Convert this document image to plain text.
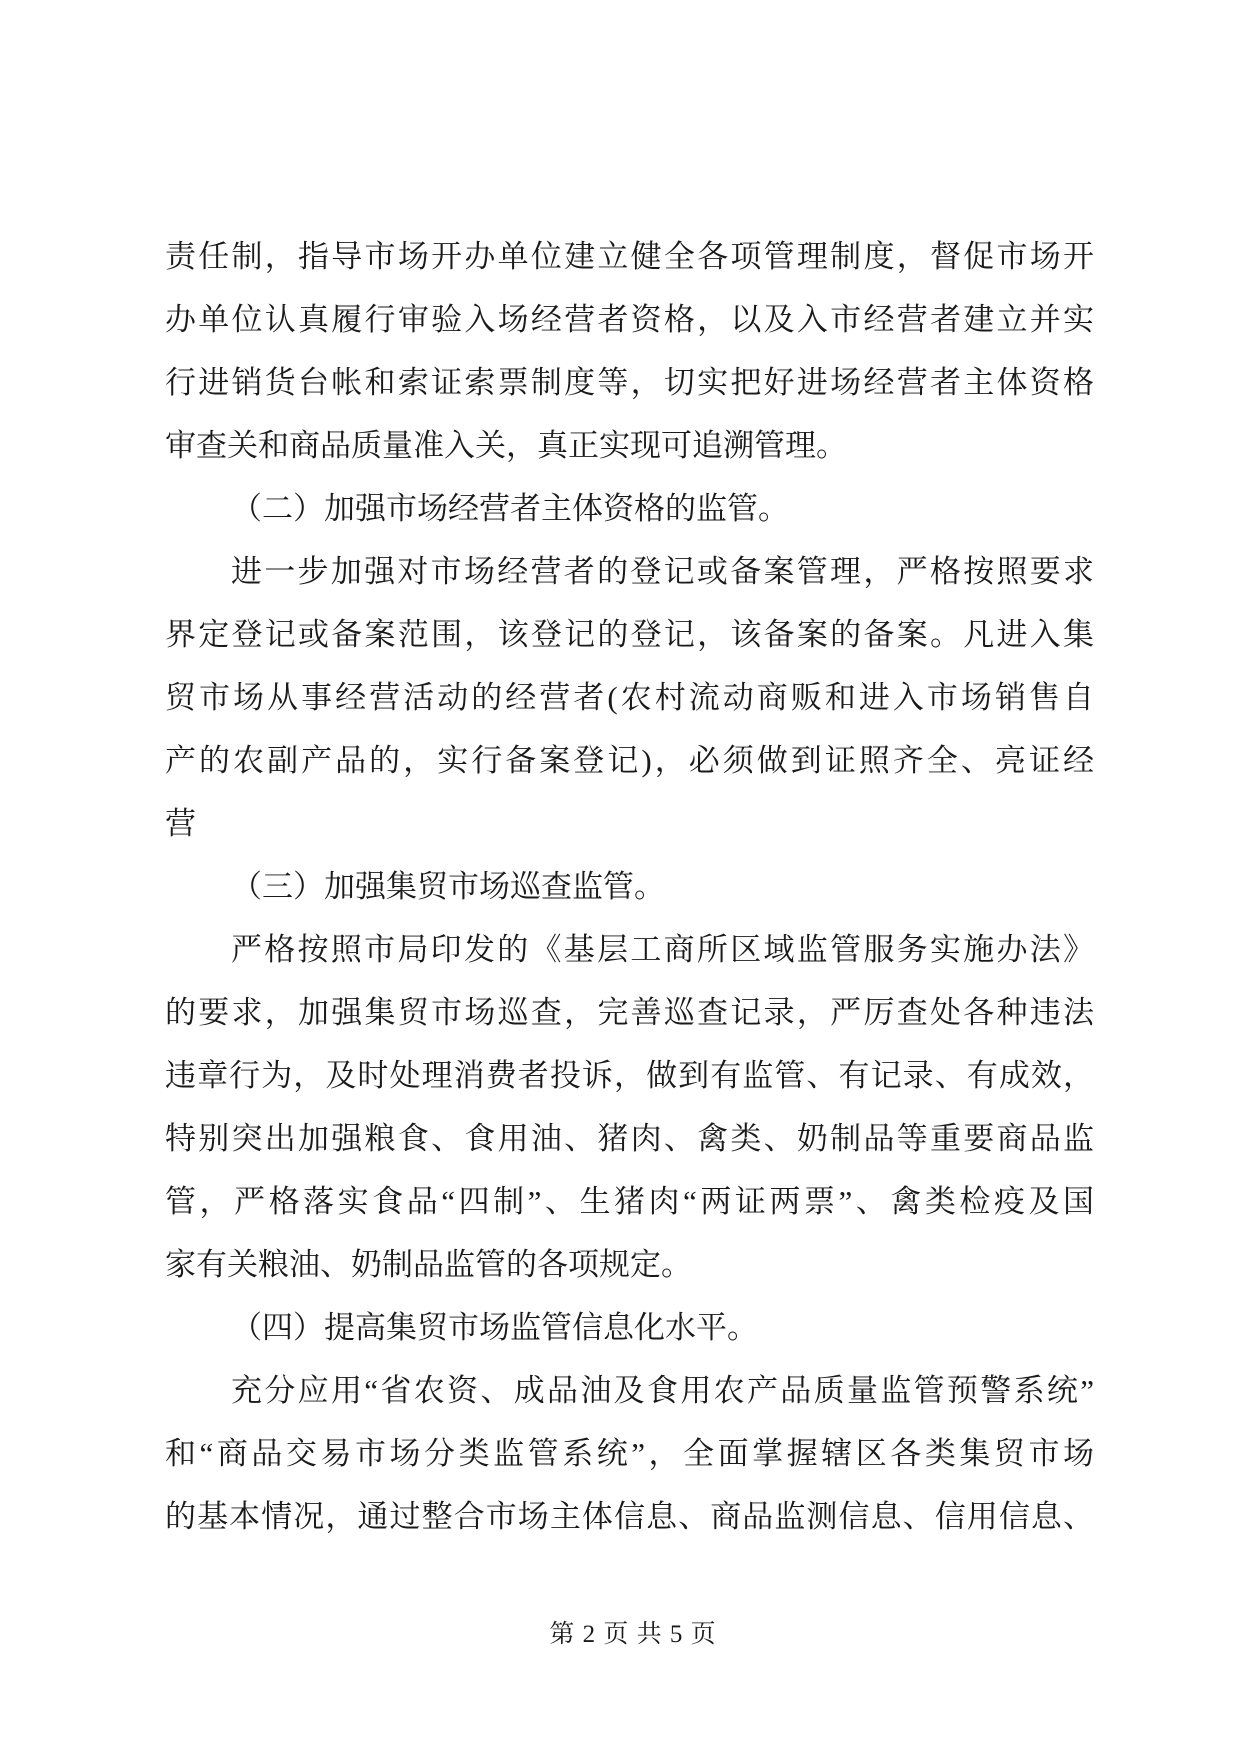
责任制，指导市场开办单位建立健全各项管理制度，督促市场开
办单位认真履行审验入场经营者资格，以及入市经营者建立并实
行进销货台帐和索证索票制度等，切实把好进场经营者主体资格
审查关和商品质量准入关，真正实现可追溯管理。
（二）加强市场经营者主体资格的监管。
进一步加强对市场经营者的登记或备案管理，严格按照要求
界定登记或备案范围，该登记的登记，该备案的备案。凡进入集
贸市场从事经营活动的经营者(农村流动商贩和进入市场销售自
产的农副产品的，实行备案登记)，必须做到证照齐全、亮证经
营
（三）加强集贸市场巡查监管。
严格按照市局印发的《基层工商所区域监管服务实施办法》
的要求，加强集贸市场巡查，完善巡查记录，严厉查处各种违法
违章行为，及时处理消费者投诉，做到有监管、有记录、有成效，
特别突出加强粮食、食用油、猪肉、禽类、奶制品等重要商品监
管，严格落实食品“四制”、生猪肉“两证两票”、禽类检疫及国
家有关粮油、奶制品监管的各项规定。
（四）提高集贸市场监管信息化水平。
充分应用“省农资、成品油及食用农产品质量监管预警系统”
和“商品交易市场分类监管系统”，全面掌握辖区各类集贸市场
的基本情况，通过整合市场主体信息、商品监测信息、信用信息、
第 2 页 共 5 页
